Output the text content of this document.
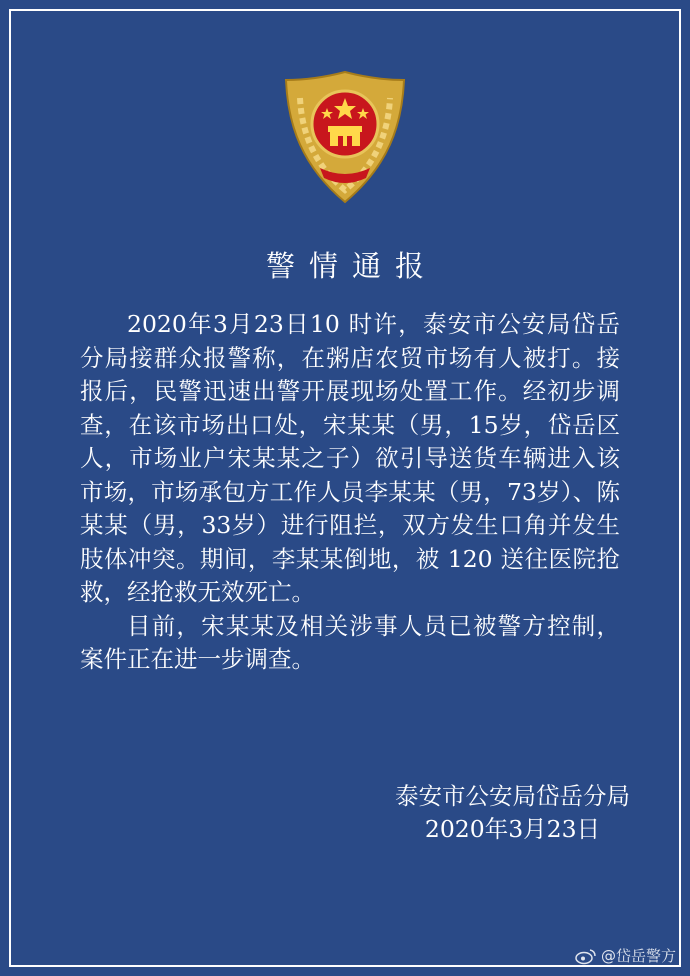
警情通报

2020年3月23日10 时许，泰安市公安局岱岳分局接群众报警称，在粥店农贸市场有人被打。接报后，民警迅速出警开展现场处置工作。经初步调查，在该市场出口处，宋某某（男，15岁，岱岳区人，市场业户宋某某之子）欲引导送货车辆进入该市场，市场承包方工作人员李某某（男，73岁）、陈某某（男，33岁）进行阻拦，双方发生口角并发生肢体冲突。期间，李某某倒地，被 120 送往医院抢救，经抢救无效死亡。

目前，宋某某及相关涉事人员已被警方控制，案件正在进一步调查。

泰安市公安局岱岳分局
2020年3月23日
@岱岳警方
